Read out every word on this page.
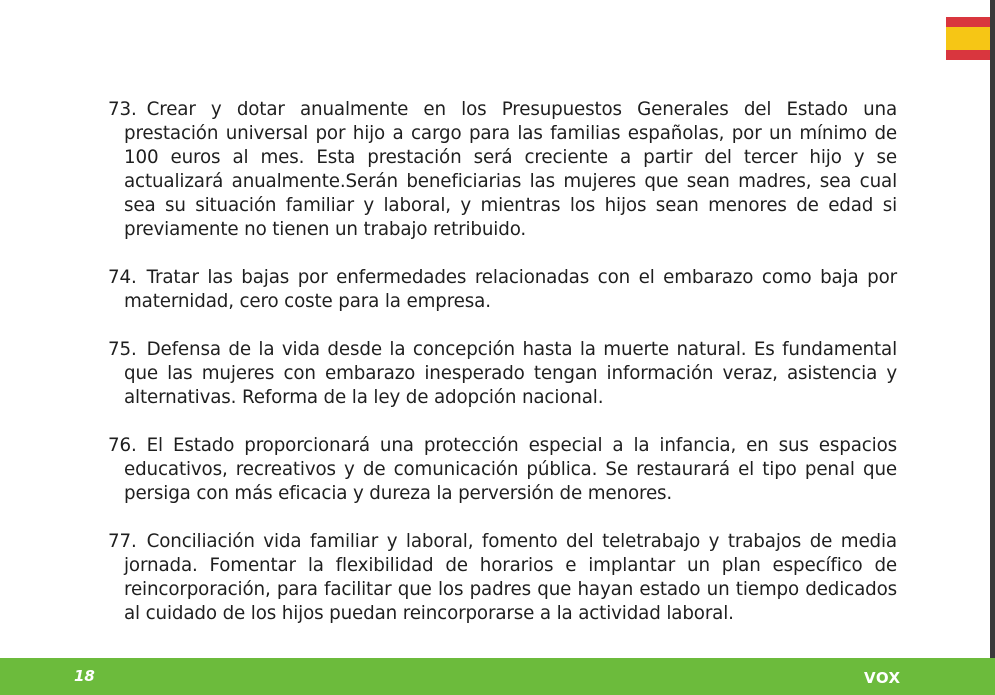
73. Crear y dotar anualmente en los Presupuestos Generales del Estado una prestación universal por hijo a cargo para las familias españolas, por un mínimo de 100 euros al mes. Esta prestación será creciente a partir del tercer hijo y se actualizará anualmente.Serán beneficiarias las mujeres que sean madres, sea cual sea su situación familiar y laboral, y mientras los hijos sean menores de edad si previamente no tienen un trabajo retribuido.

74. Tratar las bajas por enfermedades relacionadas con el embarazo como baja por maternidad, cero coste para la empresa.

75. Defensa de la vida desde la concepción hasta la muerte natural. Es fundamental que las mujeres con embarazo inesperado tengan información veraz, asistencia y alternativas. Reforma de la ley de adopción nacional.

76. El Estado proporcionará una protección especial a la infancia, en sus espacios educativos, recreativos y de comunicación pública. Se restaurará el tipo penal que persiga con más eficacia y dureza la perversión de menores.

77. Conciliación vida familiar y laboral, fomento del teletrabajo y trabajos de media jornada. Fomentar la flexibilidad de horarios e implantar un plan específico de reincorporación, para facilitar que los padres que hayan estado un tiempo dedicados al cuidado de los hijos puedan reincorporarse a la actividad laboral.

18	VOX
